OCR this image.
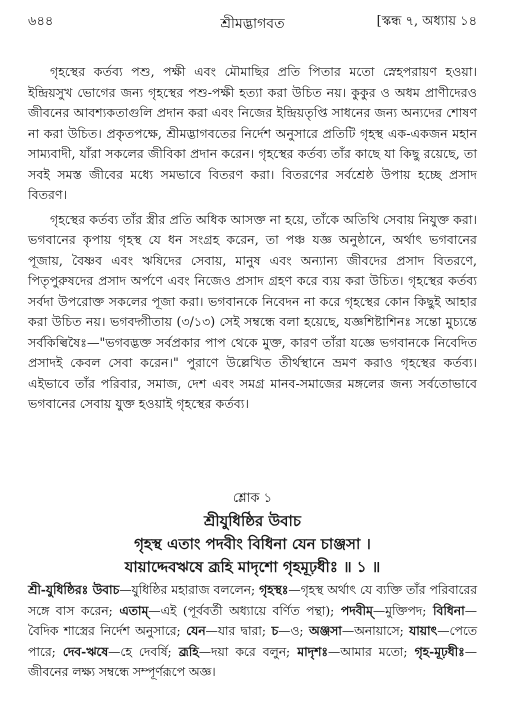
৬৪৪	শ্রীমদ্ভাগবত	[স্কন্ধ ৭, অধ্যায় ১৪

গৃহস্থের কর্তব্য পশু, পক্ষী এবং মৌমাছির প্রতি পিতার মতো স্নেহপরায়ণ হওয়া। ইন্দ্রিয়সুখ ভোগের জন্য গৃহস্থের পশু-পক্ষী হত্যা করা উচিত নয়। কুকুর ও অধম প্রাণীদেরও জীবনের আবশ্যকতাগুলি প্রদান করা এবং নিজের ইন্দ্রিয়তৃপ্তি সাধনের জন্য অন্যদের শোষণ না করা উচিত। প্রকৃতপক্ষে, শ্রীমদ্ভাগবতের নির্দেশ অনুসারে প্রতিটি গৃহস্থ এক-একজন মহান সাম্যবাদী, যাঁরা সকলের জীবিকা প্রদান করেন। গৃহস্থের কর্তব্য তাঁর কাছে যা কিছু রয়েছে, তা সবই সমস্ত জীবের মধ্যে সমভাবে বিতরণ করা। বিতরণের সর্বশ্রেষ্ঠ উপায় হচ্ছে প্রসাদ বিতরণ।

গৃহস্থের কর্তব্য তাঁর স্ত্রীর প্রতি অধিক আসক্ত না হয়ে, তাঁকে অতিথি সেবায় নিযুক্ত করা। ভগবানের কৃপায় গৃহস্থ যে ধন সংগ্রহ করেন, তা পঞ্চ যজ্ঞ অনুষ্ঠানে, অর্থাৎ ভগবানের পূজায়, বৈষ্ণব এবং ঋষিদের সেবায়, মানুষ এবং অন্যান্য জীবদের প্রসাদ বিতরণে, পিতৃপুরুষদের প্রসাদ অর্পণে এবং নিজেও প্রসাদ গ্রহণ করে ব্যয় করা উচিত। গৃহস্থের কর্তব্য সর্বদা উপরোক্ত সকলের পূজা করা। ভগবানকে নিবেদন না করে গৃহস্থের কোন কিছুই আহার করা উচিত নয়। ভগবদ্গীতায় (৩/১৩) সেই সম্বন্ধে বলা হয়েছে, যজ্ঞশিষ্টাশিনঃ সন্তো মুচ্যন্তে সর্বকিল্বিষৈঃ—"ভগবদ্ভক্ত সর্বপ্রকার পাপ থেকে মুক্ত, কারণ তাঁরা যজ্ঞে ভগবানকে নিবেদিত প্রসাদই কেবল সেবা করেন।" পুরাণে উল্লেখিত তীর্থস্থানে ভ্রমণ করাও গৃহস্থের কর্তব্য। এইভাবে তাঁর পরিবার, সমাজ, দেশ এবং সমগ্র মানব-সমাজের মঙ্গলের জন্য সর্বতোভাবে ভগবানের সেবায় যুক্ত হওয়াই গৃহস্থের কর্তব্য।

শ্লোক ১
শ্রীযুধিষ্ঠির উবাচ
গৃহস্থ এতাং পদবীং বিধিনা যেন চাঞ্জসা ।
যায়াদ্দেবঋষে ব্রূহি মাদৃশো গৃহমূঢ়ধীঃ ॥ ১ ॥

শ্রী-যুধিষ্ঠিরঃ উবাচ—যুধিষ্ঠির মহারাজ বললেন; গৃহস্থঃ—গৃহস্থ অর্থাৎ যে ব্যক্তি তাঁর পরিবারের সঙ্গে বাস করেন; এতাম্—এই (পূর্ববর্তী অধ্যায়ে বর্ণিত পন্থা); পদবীম্—মুক্তিপদ; বিধিনা—বৈদিক শাস্ত্রের নির্দেশ অনুসারে; যেন—যার দ্বারা; চ—ও; অঞ্জসা—অনায়াসে; যায়াৎ—পেতে পারে; দেব-ঋষে—হে দেবর্ষি; ব্রূহি—দয়া করে বলুন; মাদৃশঃ—আমার মতো; গৃহ-মূঢ়ধীঃ—জীবনের লক্ষ্য সম্বন্ধে সম্পূর্ণরূপে অজ্ঞ।
